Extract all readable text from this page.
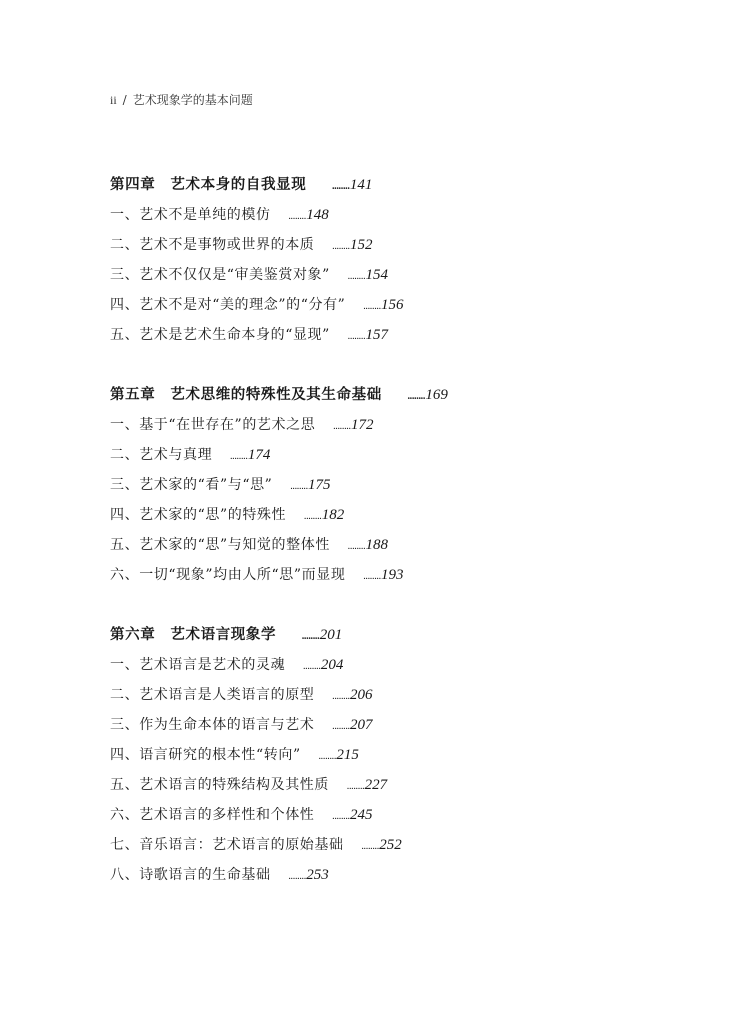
ii / 艺术现象学的基本问题
第四章　艺术本身的自我显现	........141
一、艺术不是单纯的模仿 ........148
二、艺术不是事物或世界的本质 ........152
三、艺术不仅仅是“审美鉴赏对象” ........154
四、艺术不是对“美的理念”的“分有” ........156
五、艺术是艺术生命本身的“显现” ........157
第五章　艺术思维的特殊性及其生命基础	........169
一、基于“在世存在”的艺术之思 ........172
二、艺术与真理 ........174
三、艺术家的“看”与“思” ........175
四、艺术家的“思”的特殊性 ........182
五、艺术家的“思”与知觉的整体性 ........188
六、一切“现象”均由人所“思”而显现 ........193
第六章　艺术语言现象学	........201
一、艺术语言是艺术的灵魂 ........204
二、艺术语言是人类语言的原型 ........206
三、作为生命本体的语言与艺术 ........207
四、语言研究的根本性“转向” ........215
五、艺术语言的特殊结构及其性质 ........227
六、艺术语言的多样性和个体性 ........245
七、音乐语言：艺术语言的原始基础 ........252
八、诗歌语言的生命基础 ........253
